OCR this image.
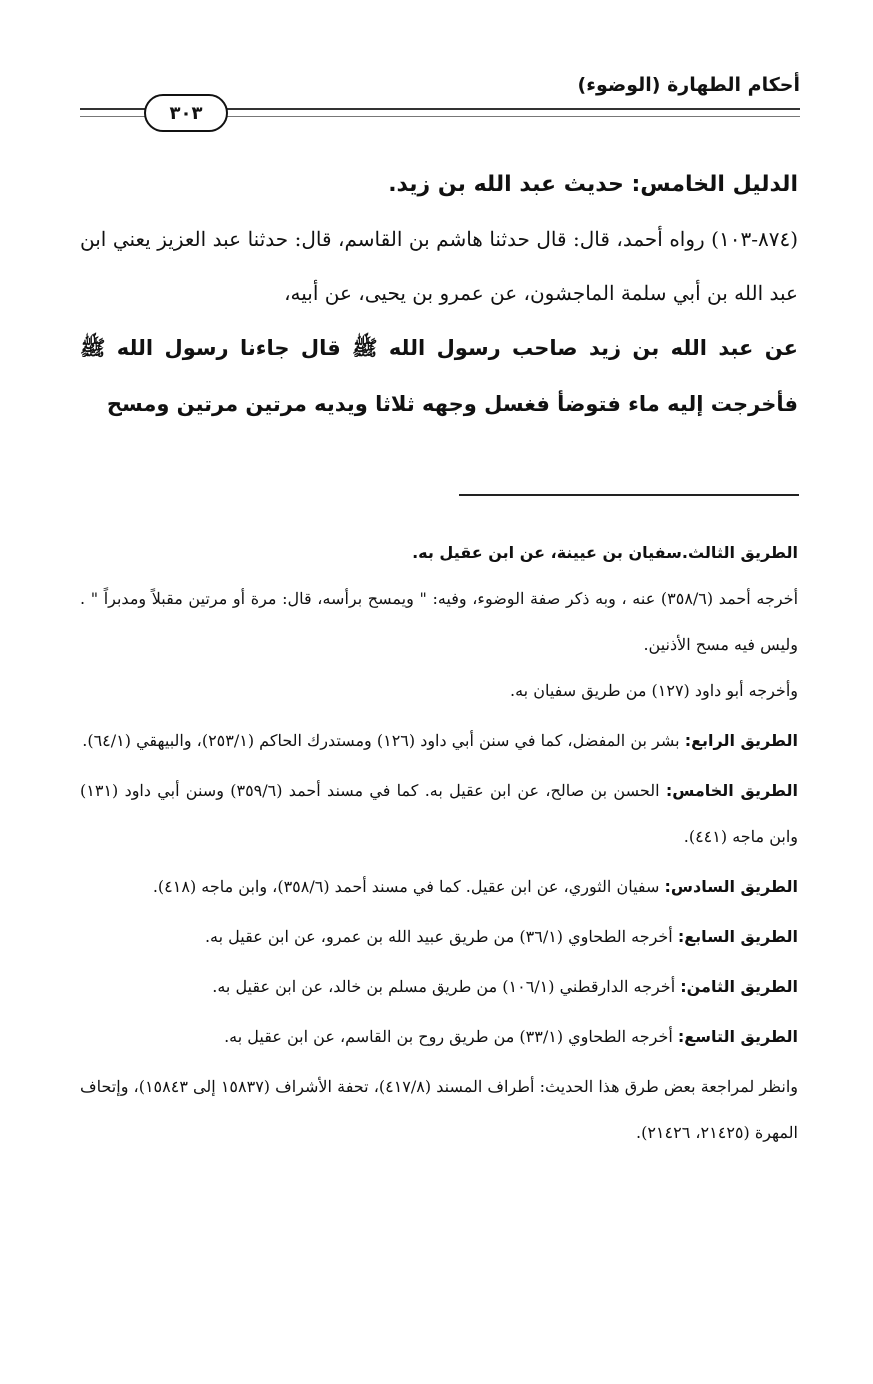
أحكام الطهارة (الوضوء)
٣٠٣

الدليل الخامس: حديث عبد الله بن زيد.

(٨٧٤-١٠٣) رواه أحمد، قال: قال حدثنا هاشم بن القاسم، قال: حدثنا عبد العزيز يعني ابن عبد الله بن أبي سلمة الماجشون، عن عمرو بن يحيى، عن أبيه،

عن عبد الله بن زيد صاحب رسول الله ﷺ قال جاءنا رسول الله ﷺ فأخرجت إليه ماء فتوضأ فغسل وجهه ثلاثا ويديه مرتين مرتين ومسح

الطريق الثالث.سفيان بن عيينة، عن ابن عقيل به.

أخرجه أحمد (٣٥٨/٦) عنه ، وبه ذكر صفة الوضوء، وفيه: " ويمسح برأسه، قال: مرة أو مرتين مقبلاً ومدبراً " . وليس فيه مسح الأذنين.

وأخرجه أبو داود (١٢٧) من طريق سفيان به.

الطريق الرابع: بشر بن المفضل، كما في سنن أبي داود (١٢٦) ومستدرك الحاكم (٢٥٣/١)، والبيهقي (٦٤/١).

الطريق الخامس: الحسن بن صالح، عن ابن عقيل به. كما في مسند أحمد (٣٥٩/٦) وسنن أبي داود (١٣١) وابن ماجه (٤٤١).

الطريق السادس: سفيان الثوري، عن ابن عقيل. كما في مسند أحمد (٣٥٨/٦)، وابن ماجه (٤١٨).

الطريق السابع: أخرجه الطحاوي (٣٦/١) من طريق عبيد الله بن عمرو، عن ابن عقيل به.

الطريق الثامن: أخرجه الدارقطني (١٠٦/١) من طريق مسلم بن خالد، عن ابن عقيل به.

الطريق التاسع: أخرجه الطحاوي (٣٣/١) من طريق روح بن القاسم، عن ابن عقيل به.

وانظر لمراجعة بعض طرق هذا الحديث: أطراف المسند (٤١٧/٨)، تحفة الأشراف (١٥٨٣٧ إلى ١٥٨٤٣)، وإتحاف المهرة (٢١٤٢٥، ٢١٤٢٦).
